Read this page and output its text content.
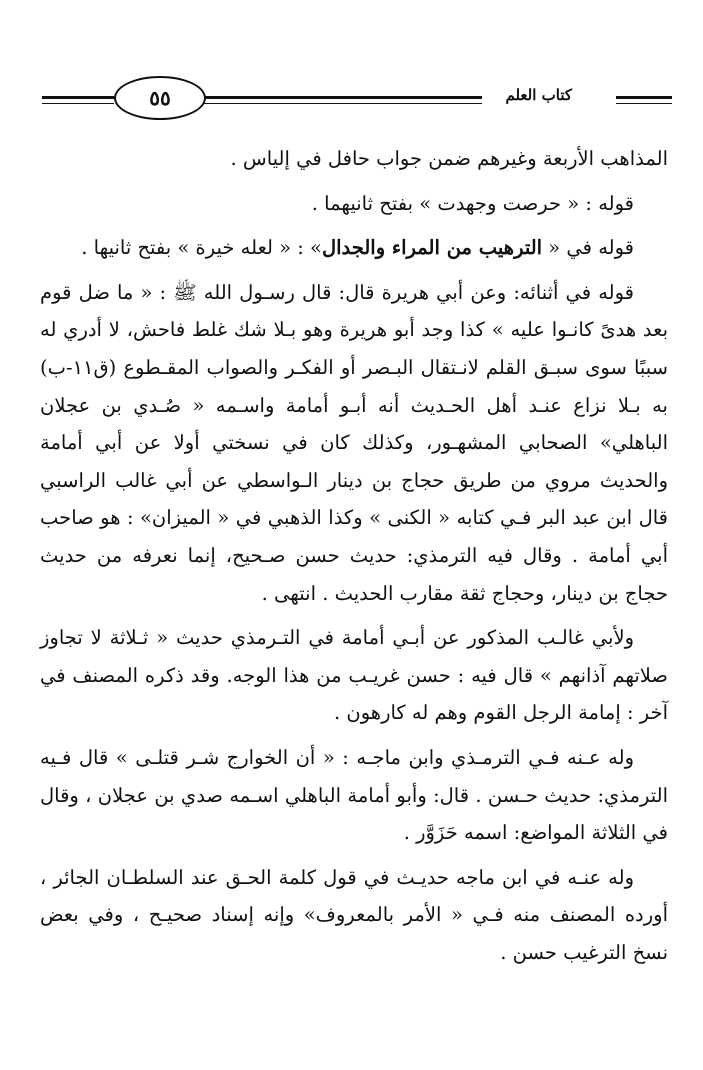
كتاب العلم
٥٥

المذاهب الأربعة وغيرهم ضمن جواب حافل في إلياس .

قوله : « حرصت وجهدت » بفتح ثانيهما .

قوله في « الترهيب من المراء والجدال» : « لعله خيرة » بفتح ثانيها .

قوله في أثنائه: وعن أبي هريرة قال: قال رسـول الله ﷺ : « ما ضل قوم بعد هدىً كانـوا عليه » كذا وجد أبو هريرة وهو بـلا شك غلط فاحش، لا أدري له سببًا سوى سبـق القلم لانـتقال البـصر أو الفكـر والصواب المقـطوع (ق١١-ب) به بـلا نزاع عنـد أهل الحـديث أنه أبـو أمامة واسـمه « صُـدي بن عجلان الباهلي» الصحابي المشهـور، وكذلك كان في نسختي أولا عن أبي أمامة والحديث مروي من طريق حجاج بن دينار الـواسطي عن أبي غالب الراسبي قال ابن عبد البر فـي كتابه « الكنى » وكذا الذهبي في « الميزان» : هو صاحب أبي أمامة . وقال فيه الترمذي: حديث حسن صـحيح، إنما نعرفه من حديث حجاج بن دينار، وحجاج ثقة مقارب الحديث . انتهى .

ولأبي غالـب المذكور عن أبـي أمامة في التـرمذي حديث « ثـلاثة لا تجاوز صلاتهم آذانهم » قال فيه : حسن غريـب من هذا الوجه. وقد ذكره المصنف في آخر : إمامة الرجل القوم وهم له كارهون .

وله عـنه فـي الترمـذي وابن ماجـه : « أن الخوارج شـر قتلـى » قال فـيه الترمذي: حديث حـسن . قال: وأبو أمامة الباهلي اسـمه صدي بن عجلان ، وقال في الثلاثة المواضع: اسمه حَزَوَّر .

وله عنـه في ابن ماجه حديـث في قول كلمة الحـق عند السلطـان الجائر ، أورده المصنف منه فـي « الأمر بالمعروف» وإنه إسناد صحيـح ، وفي بعض نسخ الترغيب حسن .
